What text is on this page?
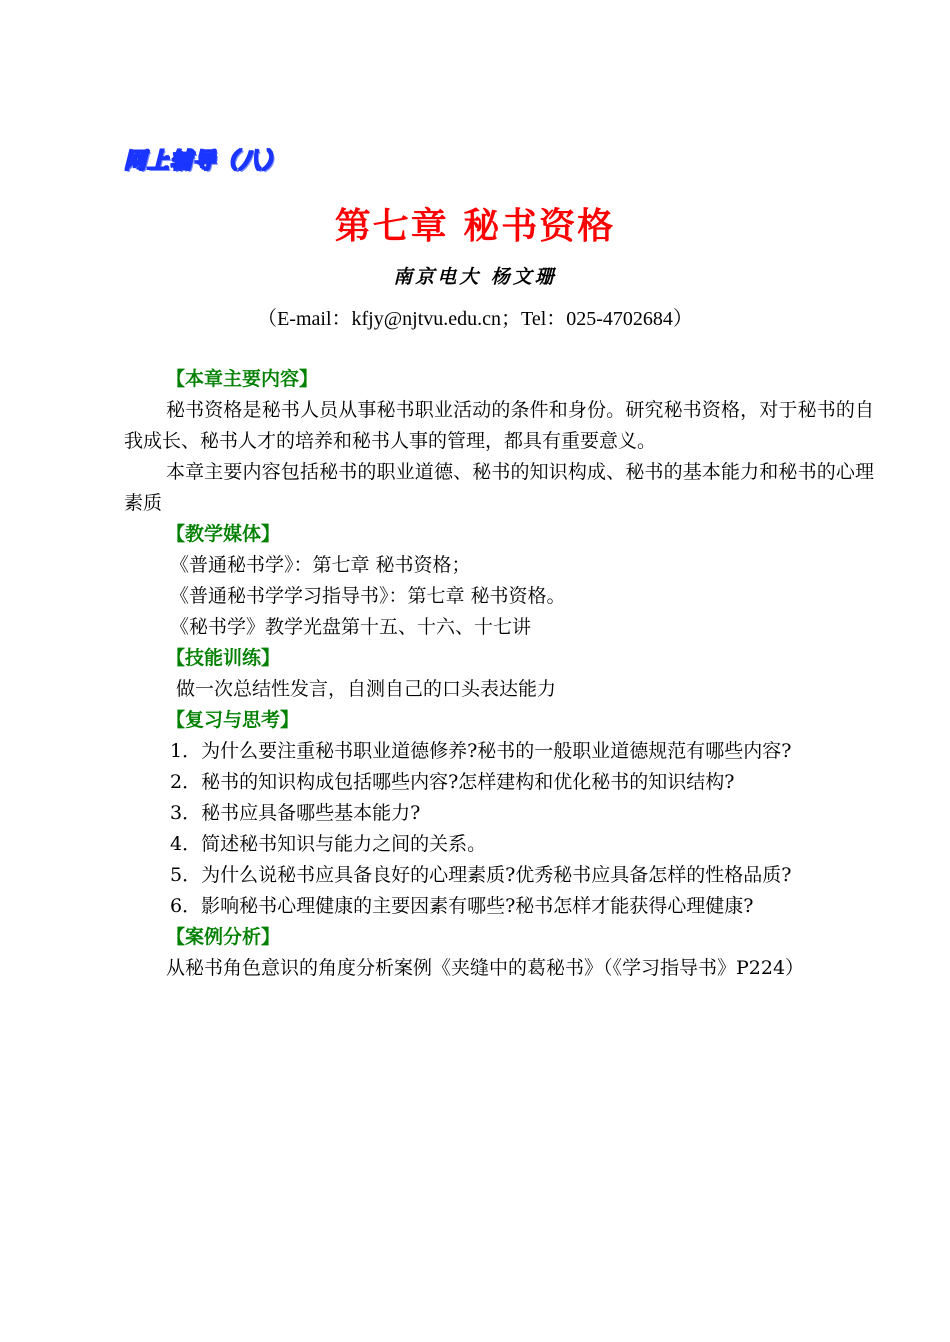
网上辅导（八）
第七章 秘书资格
南京电大 杨文珊
（E-mail：kfjy@njtvu.edu.cn；Tel：025-4702684）
【本章主要内容】

秘书资格是秘书人员从事秘书职业活动的条件和身份。研究秘书资格，对于秘书的自我成长、秘书人才的培养和秘书人事的管理，都具有重要意义。

本章主要内容包括秘书的职业道德、秘书的知识构成、秘书的基本能力和秘书的心理素质

【教学媒体】

《普通秘书学》：第七章 秘书资格；

《普通秘书学学习指导书》：第七章 秘书资格。

《秘书学》教学光盘第十五、十六、十七讲

【技能训练】

做一次总结性发言，自测自己的口头表达能力

【复习与思考】

1．为什么要注重秘书职业道德修养?秘书的一般职业道德规范有哪些内容?

2．秘书的知识构成包括哪些内容?怎样建构和优化秘书的知识结构?

3．秘书应具备哪些基本能力?

4．简述秘书知识与能力之间的关系。

5．为什么说秘书应具备良好的心理素质?优秀秘书应具备怎样的性格品质?

6．影响秘书心理健康的主要因素有哪些?秘书怎样才能获得心理健康?

【案例分析】

从秘书角色意识的角度分析案例《夹缝中的葛秘书》（《学习指导书》P224）
